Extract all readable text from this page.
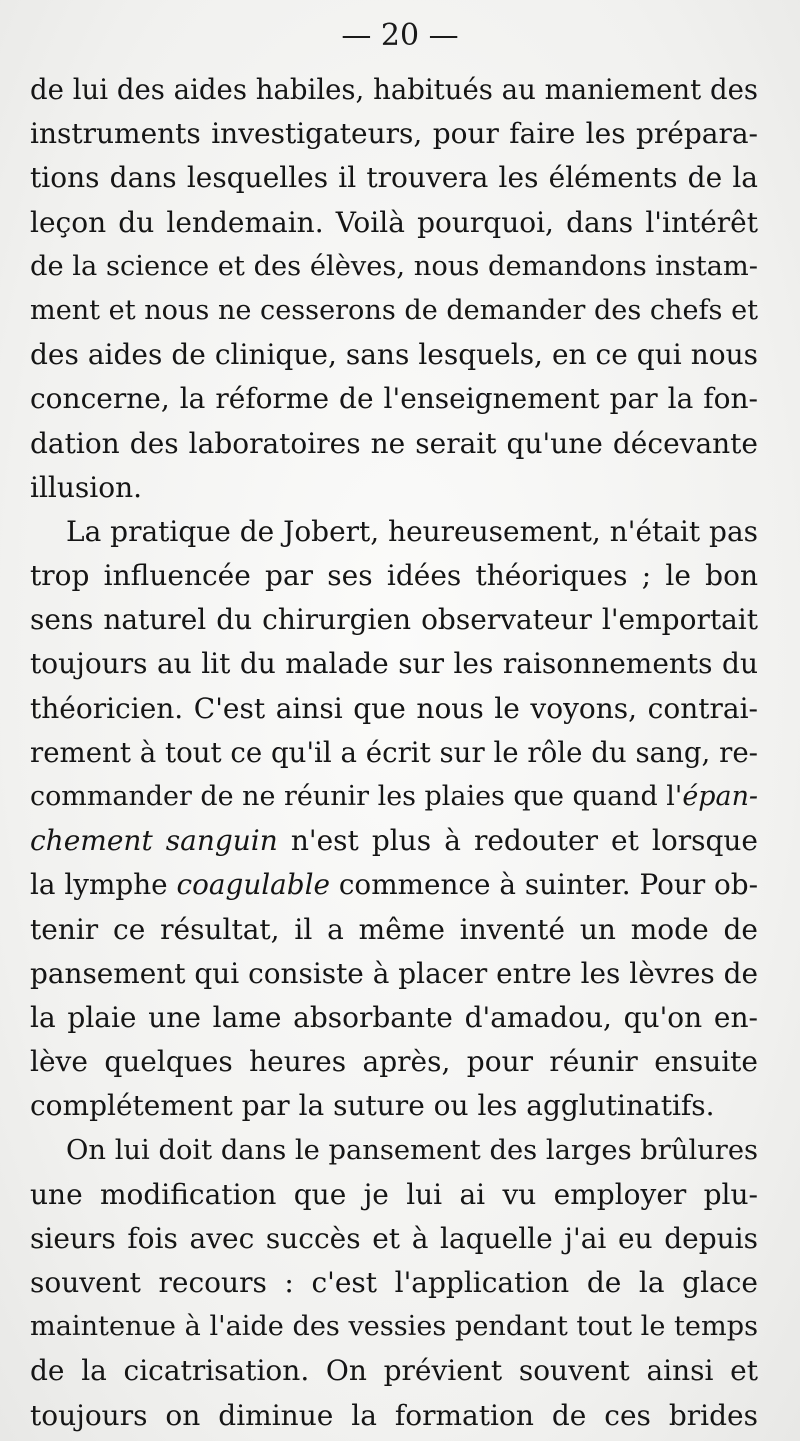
— 20 —
de lui des aides habiles, habitués au maniement des
instruments investigateurs, pour faire les prépara-
tions dans lesquelles il trouvera les éléments de la
leçon du lendemain. Voilà pourquoi, dans l'intérêt
de la science et des élèves, nous demandons instam-
ment et nous ne cesserons de demander des chefs et
des aides de clinique, sans lesquels, en ce qui nous
concerne, la réforme de l'enseignement par la fon-
dation des laboratoires ne serait qu'une décevante
illusion.
La pratique de Jobert, heureusement, n'était pas
trop influencée par ses idées théoriques ; le bon
sens naturel du chirurgien observateur l'emportait
toujours au lit du malade sur les raisonnements du
théoricien. C'est ainsi que nous le voyons, contrai-
rement à tout ce qu'il a écrit sur le rôle du sang, re-
commander de ne réunir les plaies que quand l'épan-
chement sanguin n'est plus à redouter et lorsque
la lymphe coagulable commence à suinter. Pour ob-
tenir ce résultat, il a même inventé un mode de
pansement qui consiste à placer entre les lèvres de
la plaie une lame absorbante d'amadou, qu'on en-
lève quelques heures après, pour réunir ensuite
complétement par la suture ou les agglutinatifs.
On lui doit dans le pansement des larges brûlures
une modification que je lui ai vu employer plu-
sieurs fois avec succès et à laquelle j'ai eu depuis
souvent recours : c'est l'application de la glace
maintenue à l'aide des vessies pendant tout le temps
de la cicatrisation. On prévient souvent ainsi et
toujours on diminue la formation de ces brides
